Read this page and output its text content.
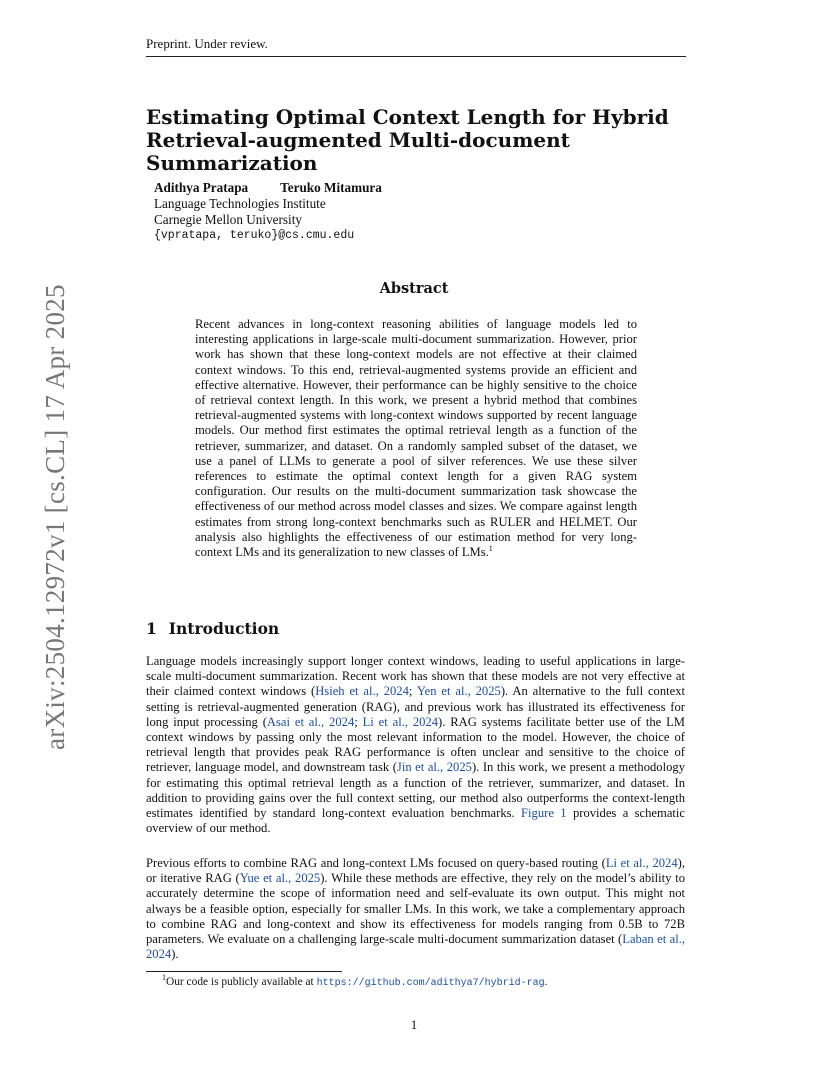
Preprint. Under review.
arXiv:2504.12972v1 [cs.CL] 17 Apr 2025
Estimating Optimal Context Length for Hybrid Retrieval-augmented Multi-document Summarization
Adithya Pratapa Teruko Mitamura
Language Technologies Institute
Carnegie Mellon University
{vpratapa, teruko}@cs.cmu.edu
Abstract
Recent advances in long-context reasoning abilities of language models led to interesting applications in large-scale multi-document summarization. However, prior work has shown that these long-context models are not effective at their claimed context windows. To this end, retrieval-augmented systems provide an efficient and effective alternative. However, their performance can be highly sensitive to the choice of retrieval context length. In this work, we present a hybrid method that combines retrieval-augmented systems with long-context windows supported by recent language models. Our method first estimates the optimal retrieval length as a function of the retriever, summarizer, and dataset. On a randomly sampled subset of the dataset, we use a panel of LLMs to generate a pool of silver references. We use these silver references to estimate the optimal context length for a given RAG system configuration. Our results on the multi-document summarization task showcase the effectiveness of our method across model classes and sizes. We compare against length estimates from strong long-context benchmarks such as RULER and HELMET. Our analysis also highlights the effectiveness of our estimation method for very long-context LMs and its generalization to new classes of LMs.$^1$
1 Introduction
Language models increasingly support longer context windows, leading to useful applications in large-scale multi-document summarization. Recent work has shown that these models are not very effective at their claimed context windows (Hsieh et al., 2024; Yen et al., 2025). An alternative to the full context setting is retrieval-augmented generation (RAG), and previous work has illustrated its effectiveness for long input processing (Asai et al., 2024; Li et al., 2024). RAG systems facilitate better use of the LM context windows by passing only the most relevant information to the model. However, the choice of retrieval length that provides peak RAG performance is often unclear and sensitive to the choice of retriever, language model, and downstream task (Jin et al., 2025). In this work, we present a methodology for estimating this optimal retrieval length as a function of the retriever, summarizer, and dataset. In addition to providing gains over the full context setting, our method also outperforms the context-length estimates identified by standard long-context evaluation benchmarks. Figure 1 provides a schematic overview of our method.
Previous efforts to combine RAG and long-context LMs focused on query-based routing (Li et al., 2024), or iterative RAG (Yue et al., 2025). While these methods are effective, they rely on the model’s ability to accurately determine the scope of information need and self-evaluate its own output. This might not always be a feasible option, especially for smaller LMs. In this work, we take a complementary approach to combine RAG and long-context and show its effectiveness for models ranging from 0.5B to 72B parameters. We evaluate on a challenging large-scale multi-document summarization dataset (Laban et al., 2024).
$^1$Our code is publicly available at https://github.com/adithya7/hybrid-rag.
1
